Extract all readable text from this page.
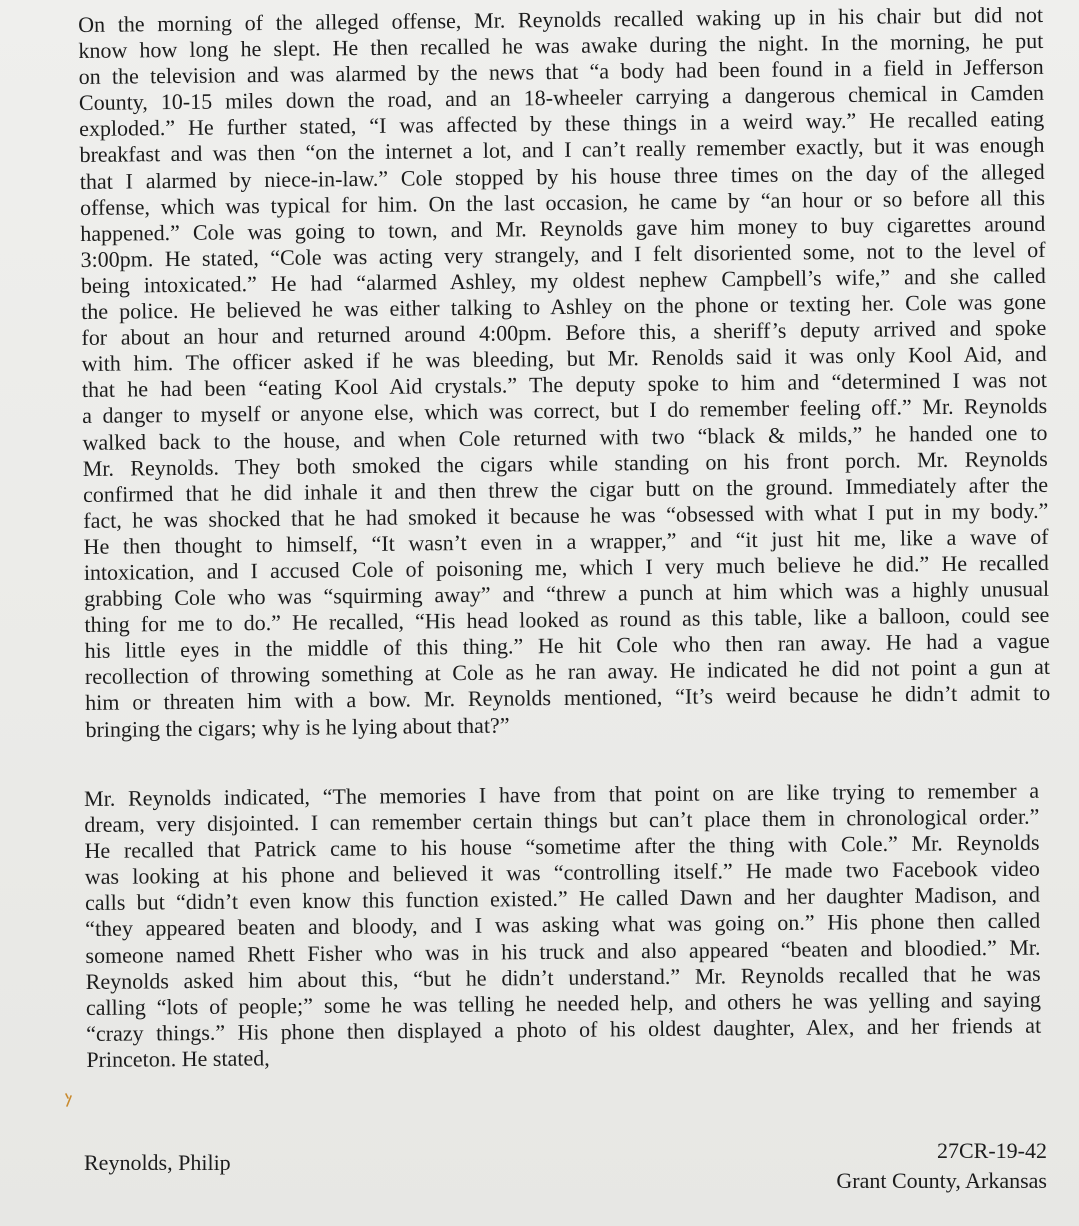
On the morning of the alleged offense, Mr. Reynolds recalled waking up in his chair but did not
know how long he slept. He then recalled he was awake during the night. In the morning, he put
on the television and was alarmed by the news that “a body had been found in a field in Jefferson
County, 10-15 miles down the road, and an 18-wheeler carrying a dangerous chemical in Camden
exploded.” He further stated, “I was affected by these things in a weird way.” He recalled eating
breakfast and was then “on the internet a lot, and I can’t really remember exactly, but it was enough
that I alarmed by niece-in-law.” Cole stopped by his house three times on the day of the alleged
offense, which was typical for him. On the last occasion, he came by “an hour or so before all this
happened.” Cole was going to town, and Mr. Reynolds gave him money to buy cigarettes around
3:00pm. He stated, “Cole was acting very strangely, and I felt disoriented some, not to the level of
being intoxicated.” He had “alarmed Ashley, my oldest nephew Campbell’s wife,” and she called
the police. He believed he was either talking to Ashley on the phone or texting her. Cole was gone
for about an hour and returned around 4:00pm. Before this, a sheriff’s deputy arrived and spoke
with him. The officer asked if he was bleeding, but Mr. Renolds said it was only Kool Aid, and
that he had been “eating Kool Aid crystals.” The deputy spoke to him and “determined I was not
a danger to myself or anyone else, which was correct, but I do remember feeling off.” Mr. Reynolds
walked back to the house, and when Cole returned with two “black & milds,” he handed one to
Mr. Reynolds. They both smoked the cigars while standing on his front porch. Mr. Reynolds
confirmed that he did inhale it and then threw the cigar butt on the ground. Immediately after the
fact, he was shocked that he had smoked it because he was “obsessed with what I put in my body.”
He then thought to himself, “It wasn’t even in a wrapper,” and “it just hit me, like a wave of
intoxication, and I accused Cole of poisoning me, which I very much believe he did.” He recalled
grabbing Cole who was “squirming away” and “threw a punch at him which was a highly unusual
thing for me to do.” He recalled, “His head looked as round as this table, like a balloon, could see
his little eyes in the middle of this thing.” He hit Cole who then ran away. He had a vague
recollection of throwing something at Cole as he ran away. He indicated he did not point a gun at
him or threaten him with a bow. Mr. Reynolds mentioned, “It’s weird because he didn’t admit to
bringing the cigars; why is he lying about that?”
Mr. Reynolds indicated, “The memories I have from that point on are like trying to remember a
dream, very disjointed. I can remember certain things but can’t place them in chronological order.”
He recalled that Patrick came to his house “sometime after the thing with Cole.” Mr. Reynolds
was looking at his phone and believed it was “controlling itself.” He made two Facebook video
calls but “didn’t even know this function existed.” He called Dawn and her daughter Madison, and
“they appeared beaten and bloody, and I was asking what was going on.” His phone then called
someone named Rhett Fisher who was in his truck and also appeared “beaten and bloodied.” Mr.
Reynolds asked him about this, “but he didn’t understand.” Mr. Reynolds recalled that he was
calling “lots of people;” some he was telling he needed help, and others he was yelling and saying
“crazy things.” His phone then displayed a photo of his oldest daughter, Alex, and her friends at
Princeton. He stated,
Reynolds, Philip	27CR-19-42
Grant County, Arkansas
